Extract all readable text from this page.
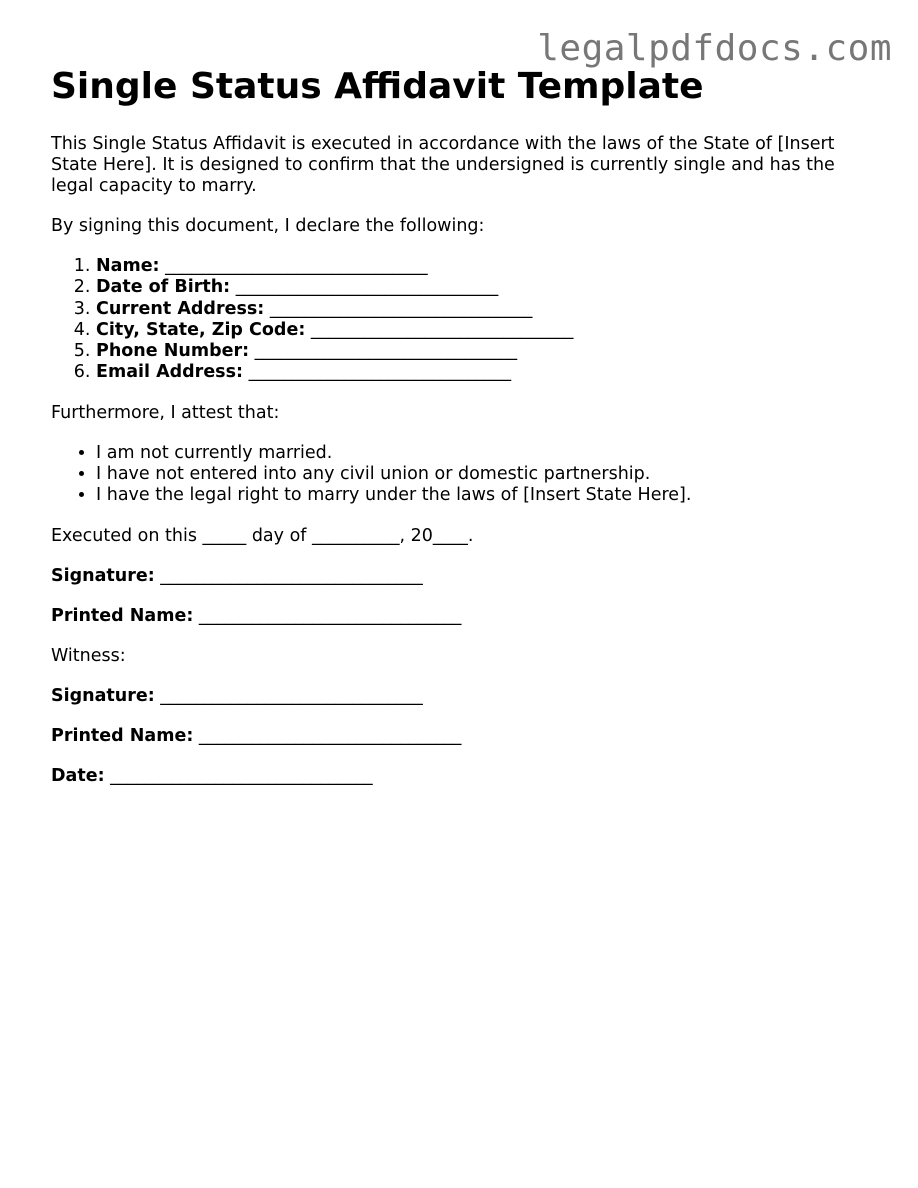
legalpdfdocs.com
Single Status Affidavit Template

This Single Status Affidavit is executed in accordance with the laws of the State of [Insert State Here]. It is designed to confirm that the undersigned is currently single and has the legal capacity to marry.

By signing this document, I declare the following:

1. Name: ______________________________
2. Date of Birth: ______________________________
3. Current Address: ______________________________
4. City, State, Zip Code: ______________________________
5. Phone Number: ______________________________
6. Email Address: ______________________________

Furthermore, I attest that:

• I am not currently married.
• I have not entered into any civil union or domestic partnership.
• I have the legal right to marry under the laws of [Insert State Here].

Executed on this _____ day of __________, 20____.

Signature: ______________________________

Printed Name: ______________________________

Witness:

Signature: ______________________________

Printed Name: ______________________________

Date: ______________________________
